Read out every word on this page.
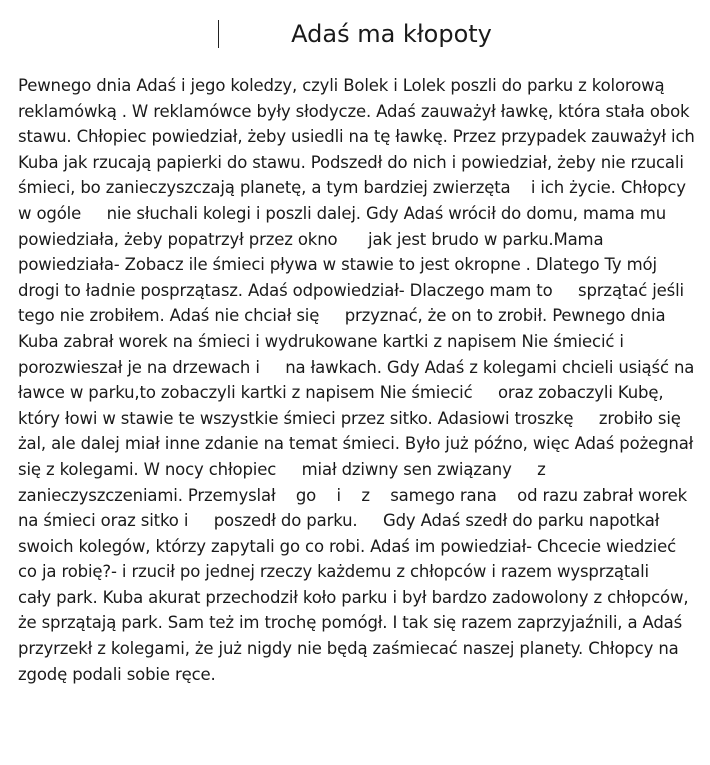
Adaś ma kłopoty
Pewnego dnia Adaś i jego koledzy, czyli Bolek i Lolek poszli do parku z kolorową
reklamówką . W reklamówce były słodycze. Adaś zauważył ławkę, która stała obok
stawu. Chłopiec powiedział, żeby usiedli na tę ławkę. Przez przypadek zauważył ich
Kuba jak rzucają papierki do stawu. Podszedł do nich i powiedział, żeby nie rzucali
śmieci, bo zanieczyszczają planetę, a tym bardziej zwierzęta    i ich życie. Chłopcy
w ogóle     nie słuchali kolegi i poszli dalej. Gdy Adaś wrócił do domu, mama mu
powiedziała, żeby popatrzył przez okno      jak jest brudo w parku.Mama
powiedziała- Zobacz ile śmieci pływa w stawie to jest okropne . Dlatego Ty mój
drogi to ładnie posprzątasz. Adaś odpowiedział- Dlaczego mam to     sprzątać jeśli
tego nie zrobiłem. Adaś nie chciał się     przyznać, że on to zrobił. Pewnego dnia
Kuba zabrał worek na śmieci i wydrukowane kartki z napisem Nie śmiecić i
porozwieszał je na drzewach i     na ławkach. Gdy Adaś z kolegami chcieli usiąść na
ławce w parku,to zobaczyli kartki z napisem Nie śmiecić     oraz zobaczyli Kubę,
który łowi w stawie te wszystkie śmieci przez sitko. Adasiowi troszkę     zrobiło się
żal, ale dalej miał inne zdanie na temat śmieci. Było już późno, więc Adaś pożegnał
się z kolegami. W nocy chłopiec     miał dziwny sen związany     z
zanieczyszczeniami. Przemyslał    go    i    z    samego rana    od razu zabrał worek
na śmieci oraz sitko i     poszedł do parku.     Gdy Adaś szedł do parku napotkał
swoich kolegów, którzy zapytali go co robi. Adaś im powiedział- Chcecie wiedzieć
co ja robię?- i rzucił po jednej rzeczy każdemu z chłopców i razem wysprzątali
cały park. Kuba akurat przechodził koło parku i był bardzo zadowolony z chłopców,
że sprzątają park. Sam też im trochę pomógł. I tak się razem zaprzyjaźnili, a Adaś
przyrzekł z kolegami, że już nigdy nie będą zaśmiecać naszej planety. Chłopcy na
zgodę podali sobie ręce.
